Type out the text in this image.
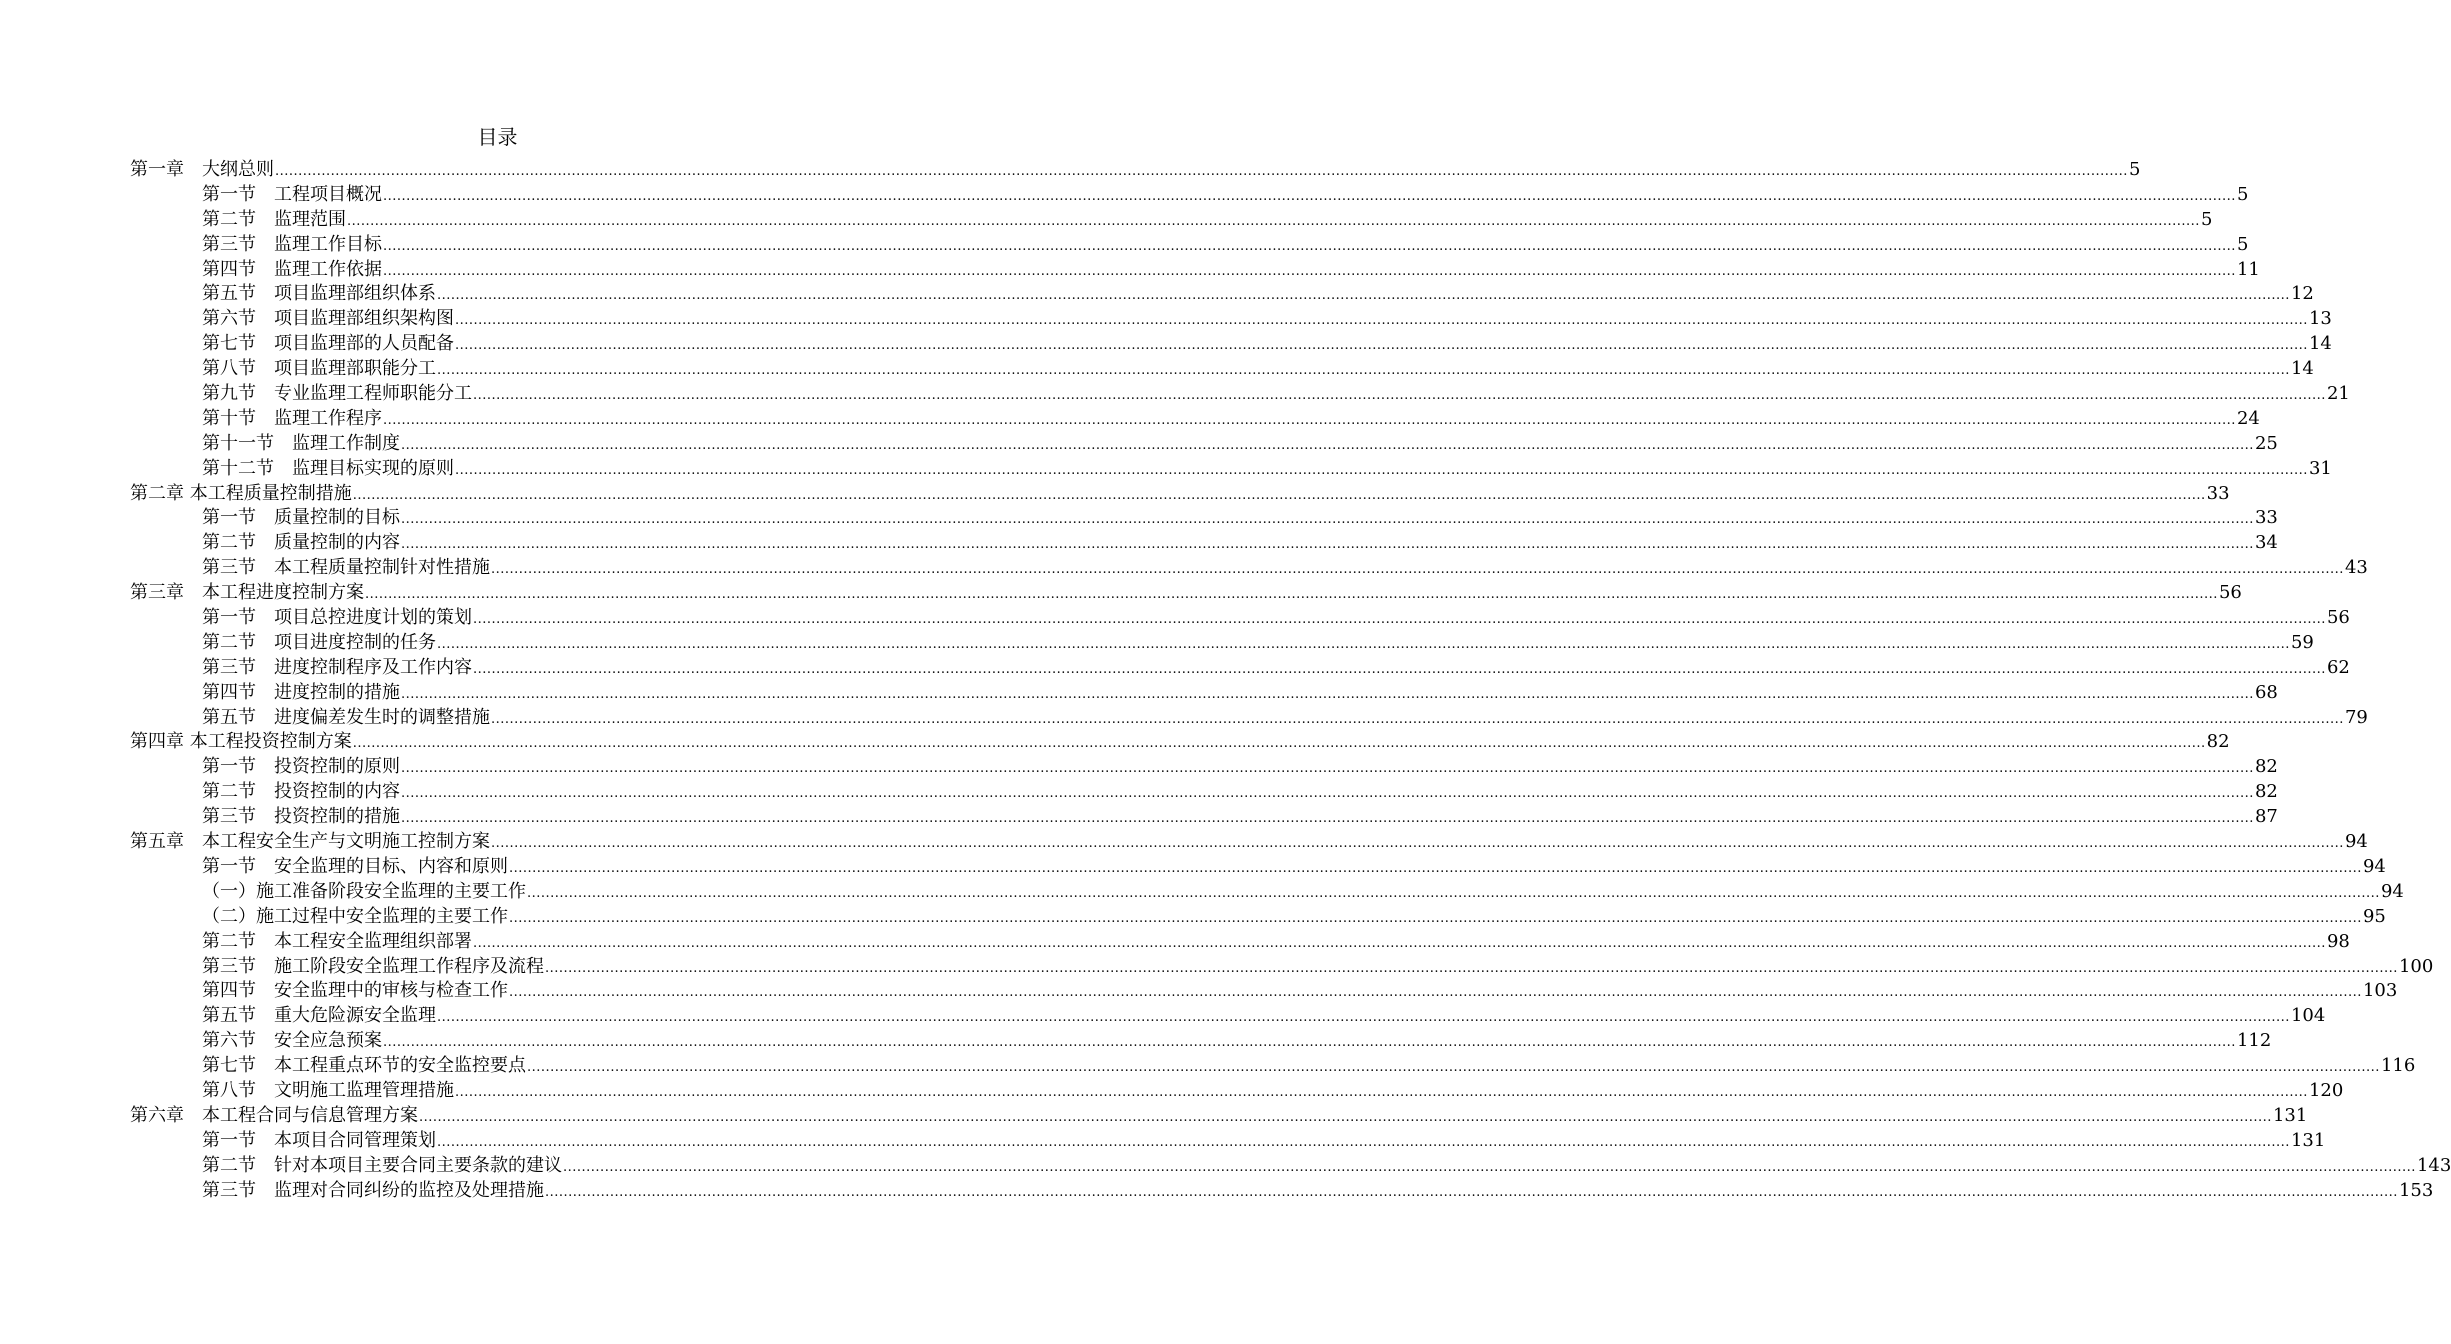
目录
第一章　大纲总则 ................................................................................................................................................................................................................................................................................................................................................................................................................ 5
第一节　工程项目概况 ................................................................................................................................................................................................................................................................................................................................................................................................................ 5
第二节　监理范围 ................................................................................................................................................................................................................................................................................................................................................................................................................ 5
第三节　监理工作目标 ................................................................................................................................................................................................................................................................................................................................................................................................................ 5
第四节　监理工作依据 ................................................................................................................................................................................................................................................................................................................................................................................................................ 11
第五节　项目监理部组织体系 ................................................................................................................................................................................................................................................................................................................................................................................................................ 12
第六节　项目监理部组织架构图 ................................................................................................................................................................................................................................................................................................................................................................................................................ 13
第七节　项目监理部的人员配备 ................................................................................................................................................................................................................................................................................................................................................................................................................ 14
第八节　项目监理部职能分工 ................................................................................................................................................................................................................................................................................................................................................................................................................ 14
第九节　专业监理工程师职能分工 ................................................................................................................................................................................................................................................................................................................................................................................................................ 21
第十节　监理工作程序 ................................................................................................................................................................................................................................................................................................................................................................................................................ 24
第十一节　监理工作制度 ................................................................................................................................................................................................................................................................................................................................................................................................................ 25
第十二节　监理目标实现的原则 ................................................................................................................................................................................................................................................................................................................................................................................................................ 31
第二章 本工程质量控制措施 ................................................................................................................................................................................................................................................................................................................................................................................................................ 33
第一节　质量控制的目标 ................................................................................................................................................................................................................................................................................................................................................................................................................ 33
第二节　质量控制的内容 ................................................................................................................................................................................................................................................................................................................................................................................................................ 34
第三节　本工程质量控制针对性措施 ................................................................................................................................................................................................................................................................................................................................................................................................................ 43
第三章　本工程进度控制方案 ................................................................................................................................................................................................................................................................................................................................................................................................................ 56
第一节　项目总控进度计划的策划 ................................................................................................................................................................................................................................................................................................................................................................................................................ 56
第二节　项目进度控制的任务 ................................................................................................................................................................................................................................................................................................................................................................................................................ 59
第三节　进度控制程序及工作内容 ................................................................................................................................................................................................................................................................................................................................................................................................................ 62
第四节　进度控制的措施 ................................................................................................................................................................................................................................................................................................................................................................................................................ 68
第五节　进度偏差发生时的调整措施 ................................................................................................................................................................................................................................................................................................................................................................................................................ 79
第四章 本工程投资控制方案 ................................................................................................................................................................................................................................................................................................................................................................................................................ 82
第一节　投资控制的原则 ................................................................................................................................................................................................................................................................................................................................................................................................................ 82
第二节　投资控制的内容 ................................................................................................................................................................................................................................................................................................................................................................................................................ 82
第三节　投资控制的措施 ................................................................................................................................................................................................................................................................................................................................................................................................................ 87
第五章　本工程安全生产与文明施工控制方案 ................................................................................................................................................................................................................................................................................................................................................................................................................ 94
第一节　安全监理的目标、内容和原则 ................................................................................................................................................................................................................................................................................................................................................................................................................ 94
（一）施工准备阶段安全监理的主要工作 ................................................................................................................................................................................................................................................................................................................................................................................................................ 94
（二）施工过程中安全监理的主要工作 ................................................................................................................................................................................................................................................................................................................................................................................................................ 95
第二节　本工程安全监理组织部署 ................................................................................................................................................................................................................................................................................................................................................................................................................ 98
第三节　施工阶段安全监理工作程序及流程 ................................................................................................................................................................................................................................................................................................................................................................................................................ 100
第四节　安全监理中的审核与检查工作 ................................................................................................................................................................................................................................................................................................................................................................................................................ 103
第五节　重大危险源安全监理 ................................................................................................................................................................................................................................................................................................................................................................................................................ 104
第六节　安全应急预案 ................................................................................................................................................................................................................................................................................................................................................................................................................ 112
第七节　本工程重点环节的安全监控要点 ................................................................................................................................................................................................................................................................................................................................................................................................................ 116
第八节　文明施工监理管理措施 ................................................................................................................................................................................................................................................................................................................................................................................................................ 120
第六章　本工程合同与信息管理方案 ................................................................................................................................................................................................................................................................................................................................................................................................................ 131
第一节　本项目合同管理策划 ................................................................................................................................................................................................................................................................................................................................................................................................................ 131
第二节　针对本项目主要合同主要条款的建议 ................................................................................................................................................................................................................................................................................................................................................................................................................ 143
第三节　监理对合同纠纷的监控及处理措施 ................................................................................................................................................................................................................................................................................................................................................................................................................ 153
